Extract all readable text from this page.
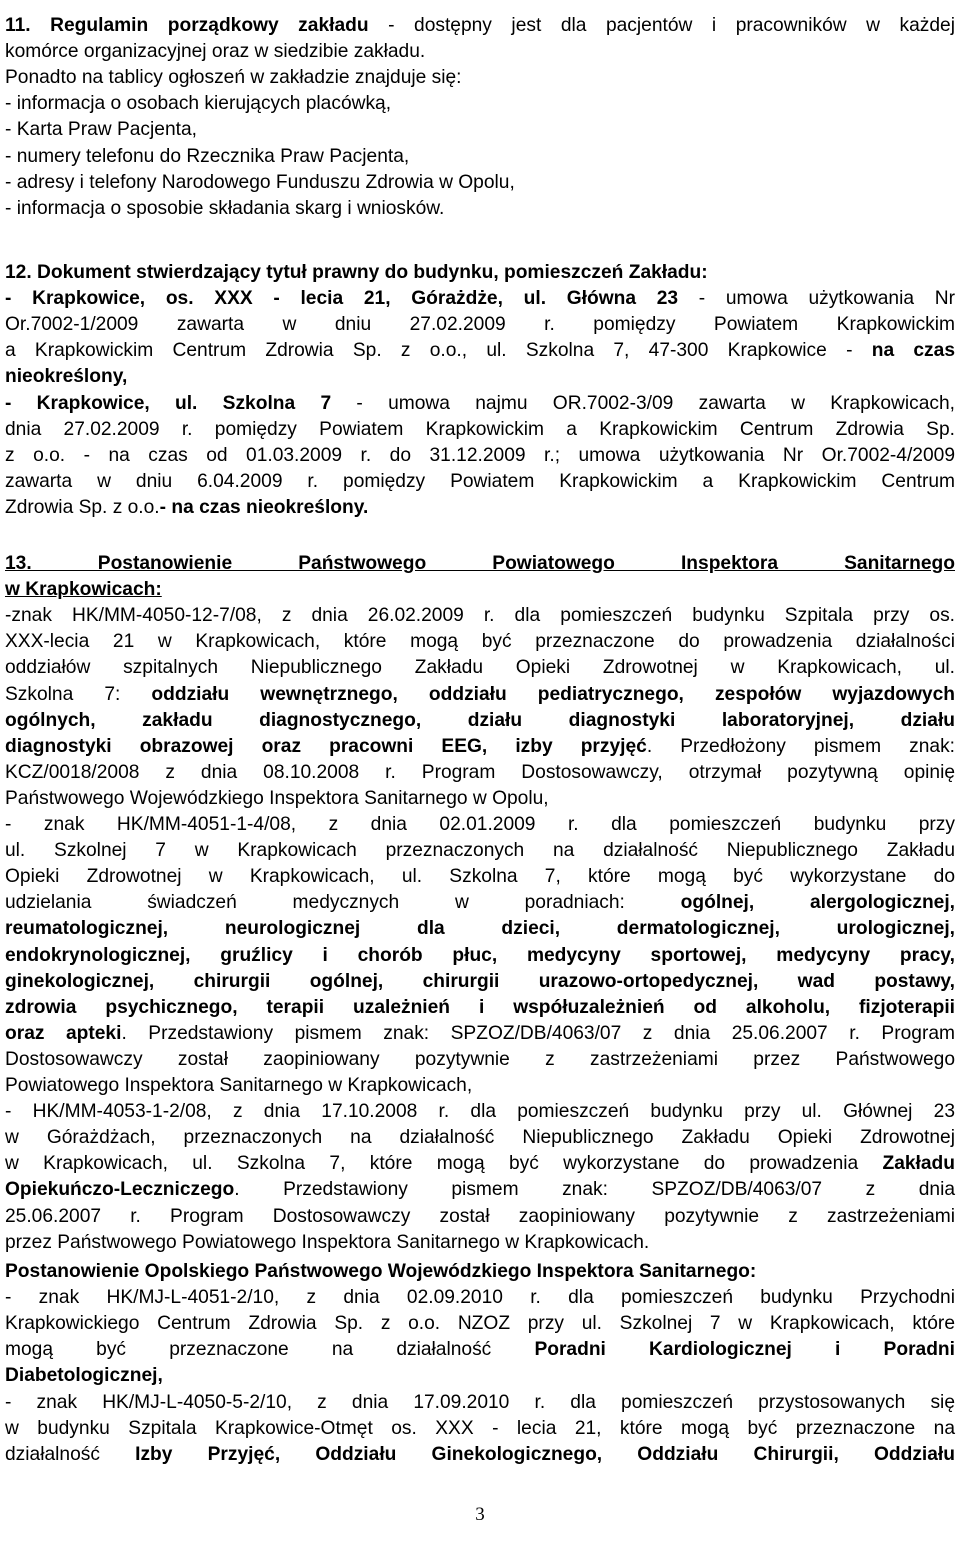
11. Regulamin porządkowy zakładu - dostępny jest dla pacjentów i pracowników w każdej
komórce organizacyjnej oraz w siedzibie zakładu.
Ponadto na tablicy ogłoszeń w zakładzie znajduje się:
- informacja o osobach kierujących placówką,
- Karta Praw Pacjenta,
- numery telefonu do Rzecznika Praw Pacjenta,
- adresy i telefony Narodowego Funduszu Zdrowia w Opolu,
- informacja o sposobie składania skarg i wniosków.
12. Dokument stwierdzający tytuł prawny do budynku, pomieszczeń Zakładu:
- Krapkowice, os. XXX - lecia 21, Górażdże, ul. Główna 23 - umowa użytkowania Nr
Or.7002-1/2009 zawarta w dniu 27.02.2009 r. pomiędzy Powiatem Krapkowickim
a Krapkowickim Centrum Zdrowia Sp. z o.o., ul. Szkolna 7, 47-300 Krapkowice - na czas
nieokreślony,
- Krapkowice, ul. Szkolna 7 - umowa najmu OR.7002-3/09 zawarta w Krapkowicach,
dnia 27.02.2009 r. pomiędzy Powiatem Krapkowickim a Krapkowickim Centrum Zdrowia Sp.
z o.o. - na czas od 01.03.2009 r. do 31.12.2009 r.; umowa użytkowania Nr Or.7002-4/2009
zawarta w dniu 6.04.2009 r. pomiędzy Powiatem Krapkowickim a Krapkowickim Centrum
Zdrowia Sp. z o.o.- na czas nieokreślony.
13. Postanowienie Państwowego Powiatowego Inspektora Sanitarnego
w Krapkowicach:
-znak HK/MM-4050-12-7/08, z dnia 26.02.2009 r. dla pomieszczeń budynku Szpitala przy os.
XXX-lecia 21 w Krapkowicach, które mogą być przeznaczone do prowadzenia działalności
oddziałów szpitalnych Niepublicznego Zakładu Opieki Zdrowotnej w Krapkowicach, ul.
Szkolna 7: oddziału wewnętrznego, oddziału pediatrycznego, zespołów wyjazdowych
ogólnych, zakładu diagnostycznego, działu diagnostyki laboratoryjnej, działu
diagnostyki obrazowej oraz pracowni EEG, izby przyjęć. Przedłożony pismem znak:
KCZ/0018/2008 z dnia 08.10.2008 r. Program Dostosowawczy, otrzymał pozytywną opinię
Państwowego Wojewódzkiego Inspektora Sanitarnego w Opolu,
- znak HK/MM-4051-1-4/08, z dnia 02.01.2009 r. dla pomieszczeń budynku przy
ul. Szkolnej 7 w Krapkowicach przeznaczonych na działalność Niepublicznego Zakładu
Opieki Zdrowotnej w Krapkowicach, ul. Szkolna 7, które mogą być wykorzystane do
udzielania świadczeń medycznych w poradniach: ogólnej, alergologicznej,
reumatologicznej, neurologicznej dla dzieci, dermatologicznej, urologicznej,
endokrynologicznej, gruźlicy i chorób płuc, medycyny sportowej, medycyny pracy,
ginekologicznej, chirurgii ogólnej, chirurgii urazowo-ortopedycznej, wad postawy,
zdrowia psychicznego, terapii uzależnień i współuzależnień od alkoholu, fizjoterapii
oraz apteki. Przedstawiony pismem znak: SPZOZ/DB/4063/07 z dnia 25.06.2007 r. Program
Dostosowawczy został zaopiniowany pozytywnie z zastrzeżeniami przez Państwowego
Powiatowego Inspektora Sanitarnego w Krapkowicach,
- HK/MM-4053-1-2/08, z dnia 17.10.2008 r. dla pomieszczeń budynku przy ul. Głównej 23
w Górażdżach, przeznaczonych na działalność Niepublicznego Zakładu Opieki Zdrowotnej
w Krapkowicach, ul. Szkolna 7, które mogą być wykorzystane do prowadzenia Zakładu
Opiekuńczo-Leczniczego. Przedstawiony pismem znak: SPZOZ/DB/4063/07 z dnia
25.06.2007 r. Program Dostosowawczy został zaopiniowany pozytywnie z zastrzeżeniami
przez Państwowego Powiatowego Inspektora Sanitarnego w Krapkowicach.
Postanowienie Opolskiego Państwowego Wojewódzkiego Inspektora Sanitarnego:
- znak HK/MJ-L-4051-2/10, z dnia 02.09.2010 r. dla pomieszczeń budynku Przychodni
Krapkowickiego Centrum Zdrowia Sp. z o.o. NZOZ przy ul. Szkolnej 7 w Krapkowicach, które
mogą być przeznaczone na działalność Poradni Kardiologicznej i Poradni
Diabetologicznej,
- znak HK/MJ-L-4050-5-2/10, z dnia 17.09.2010 r. dla pomieszczeń przystosowanych się
w budynku Szpitala Krapkowice-Otmęt os. XXX - lecia 21, które mogą być przeznaczone na
działalność Izby Przyjęć, Oddziału Ginekologicznego, Oddziału Chirurgii, Oddziału
3
